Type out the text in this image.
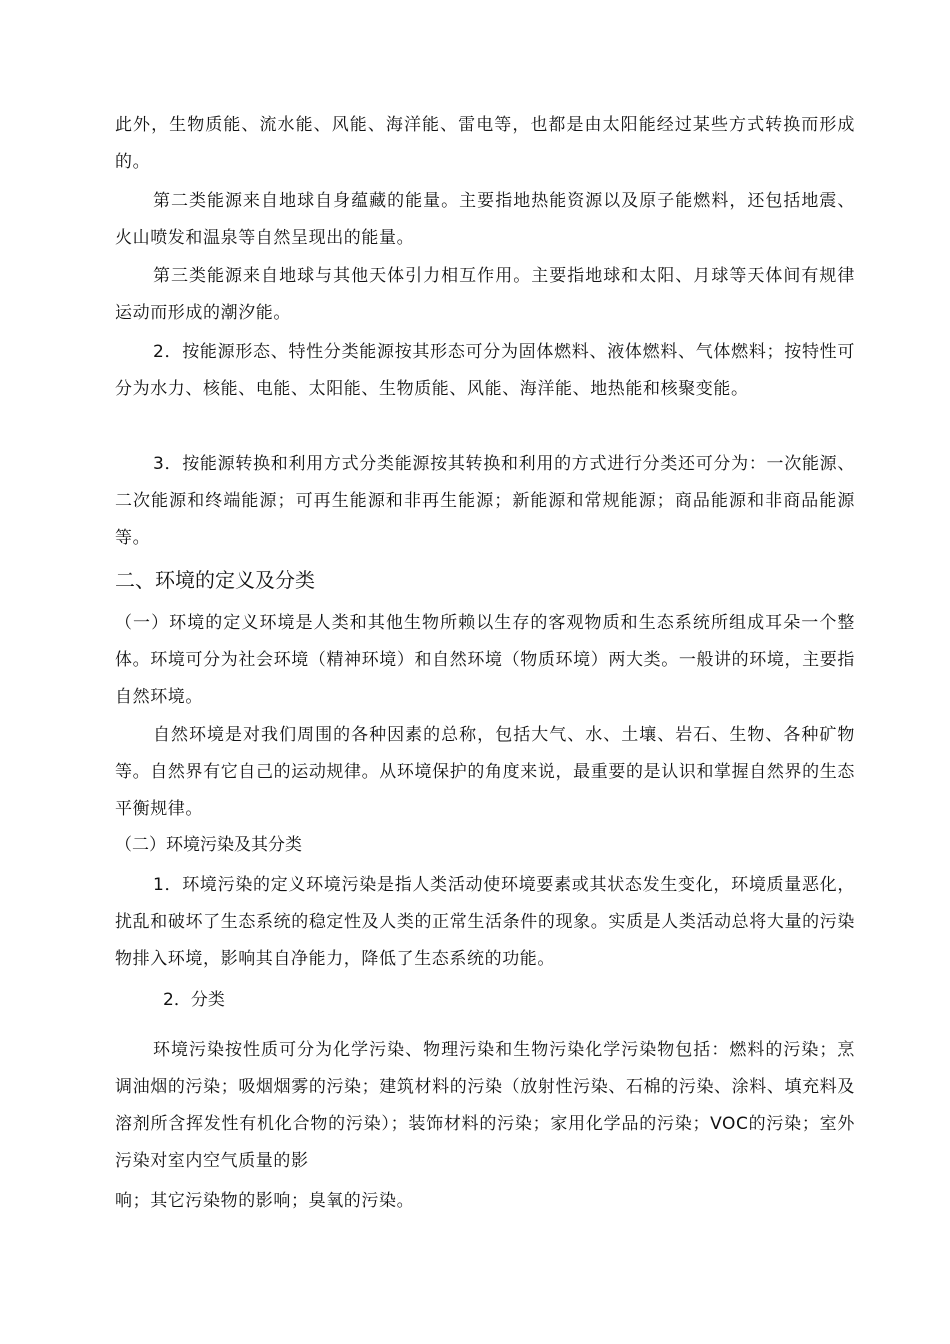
此外，生物质能、流水能、风能、海洋能、雷电等，也都是由太阳能经过某些方式转换而形成的。

第二类能源来自地球自身蕴藏的能量。主要指地热能资源以及原子能燃料，还包括地震、火山喷发和温泉等自然呈现出的能量。

第三类能源来自地球与其他天体引力相互作用。主要指地球和太阳、月球等天体间有规律运动而形成的潮汐能。

2．按能源形态、特性分类能源按其形态可分为固体燃料、液体燃料、气体燃料；按特性可分为水力、核能、电能、太阳能、生物质能、风能、海洋能、地热能和核聚变能。

3．按能源转换和利用方式分类能源按其转换和利用的方式进行分类还可分为：一次能源、二次能源和终端能源；可再生能源和非再生能源；新能源和常规能源；商品能源和非商品能源等。

二、环境的定义及分类

（一）环境的定义环境是人类和其他生物所赖以生存的客观物质和生态系统所组成耳朵一个整体。环境可分为社会环境（精神环境）和自然环境（物质环境）两大类。一般讲的环境，主要指自然环境。

自然环境是对我们周围的各种因素的总称，包括大气、水、土壤、岩石、生物、各种矿物等。自然界有它自己的运动规律。从环境保护的角度来说，最重要的是认识和掌握自然界的生态平衡规律。

（二）环境污染及其分类

1．环境污染的定义环境污染是指人类活动使环境要素或其状态发生变化，环境质量恶化，扰乱和破坏了生态系统的稳定性及人类的正常生活条件的现象。实质是人类活动总将大量的污染物排入环境，影响其自净能力，降低了生态系统的功能。

2．分类

环境污染按性质可分为化学污染、物理污染和生物污染化学污染物包括：燃料的污染；烹调油烟的污染；吸烟烟雾的污染；建筑材料的污染（放射性污染、石棉的污染、涂料、填充料及溶剂所含挥发性有机化合物的污染）；装饰材料的污染；家用化学品的污染；VOC的污染；室外污染对室内空气质量的影

响；其它污染物的影响；臭氧的污染。
